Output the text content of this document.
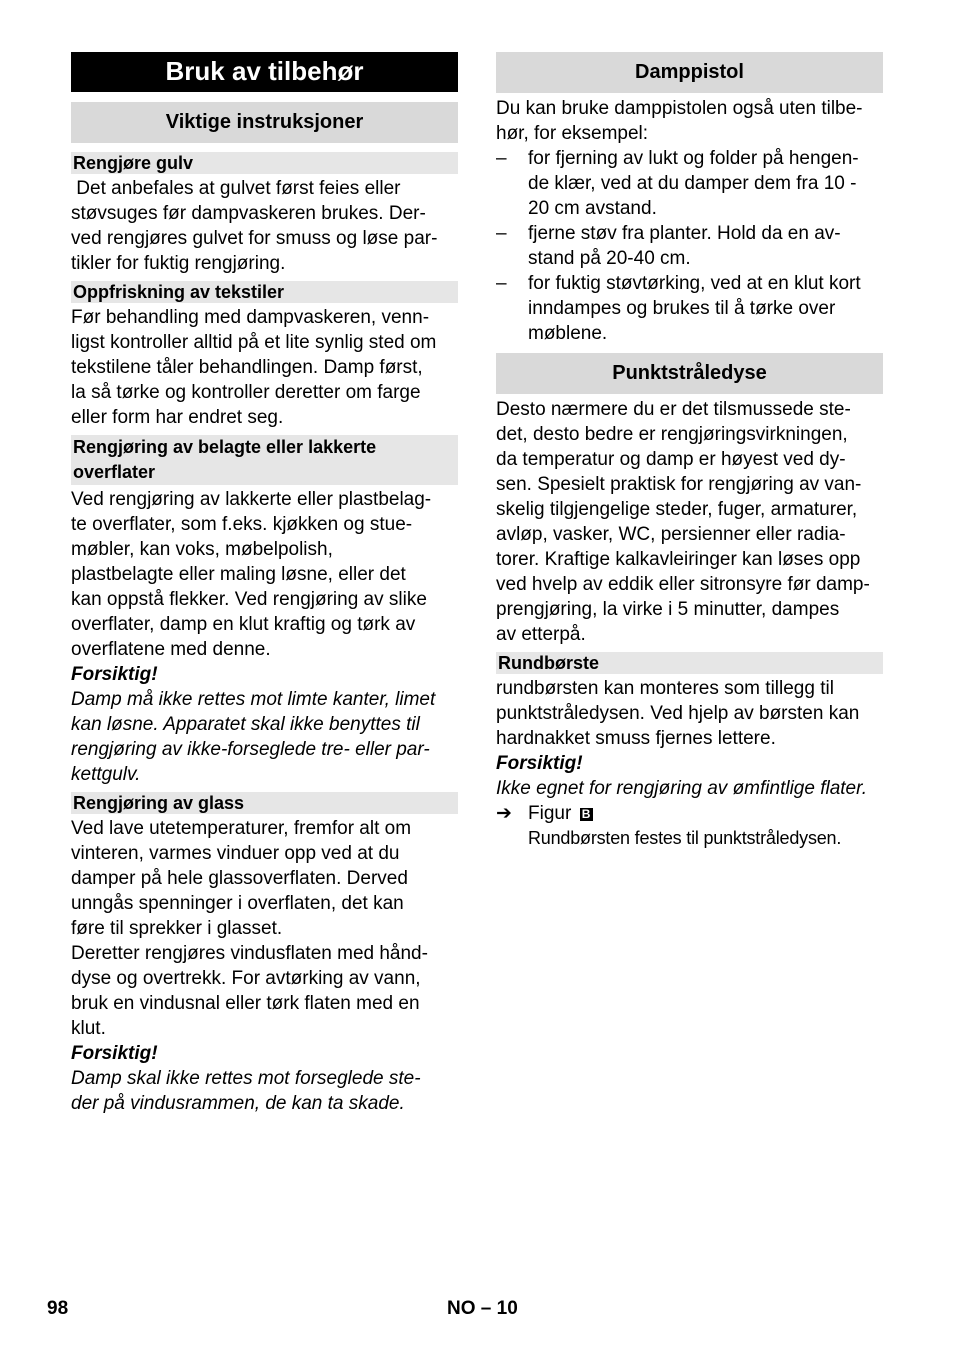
Bruk av tilbehør
Viktige instruksjoner
Rengjøre gulv
Det anbefales at gulvet først feies eller
støvsuges før dampvaskeren brukes. Der-
ved rengjøres gulvet for smuss og løse par-
tikler for fuktig rengjøring.
Oppfriskning av tekstiler
Før behandling med dampvaskeren, venn-
ligst kontroller alltid på et lite synlig sted om
tekstilene tåler behandlingen. Damp først,
la så tørke og kontroller deretter om farge
eller form har endret seg.
Rengjøring av belagte eller lakkerte
overflater
Ved rengjøring av lakkerte eller plastbelag-
te overflater, som f.eks. kjøkken og stue-
møbler, kan voks, møbelpolish,
plastbelagte eller maling løsne, eller det
kan oppstå flekker. Ved rengjøring av slike
overflater, damp en klut kraftig og tørk av
overflatene med denne.
Forsiktig!
Damp må ikke rettes mot limte kanter, limet
kan løsne. Apparatet skal ikke benyttes til
rengjøring av ikke-forseglede tre- eller par-
kettgulv.
Rengjøring av glass
Ved lave utetemperaturer, fremfor alt om
vinteren, varmes vinduer opp ved at du
damper på hele glassoverflaten. Derved
unngås spenninger i overflaten, det kan
føre til sprekker i glasset.
Deretter rengjøres vindusflaten med hånd-
dyse og overtrekk. For avtørking av vann,
bruk en vindusnal eller tørk flaten med en
klut.
Forsiktig!
Damp skal ikke rettes mot forseglede ste-
der på vindusrammen, de kan ta skade.
Damppistol
Du kan bruke damppistolen også uten tilbe-
hør, for eksempel:
–	for fjerning av lukt og folder på hengen-
de klær, ved at du damper dem fra 10 -
20 cm avstand.
–	fjerne støv fra planter. Hold da en av-
stand på 20-40 cm.
–	for fuktig støvtørking, ved at en klut kort
inndampes og brukes til å tørke over
møblene.
Punktstråledyse
Desto nærmere du er det tilsmussede ste-
det, desto bedre er rengjøringsvirkningen,
da temperatur og damp er høyest ved dy-
sen. Spesielt praktisk for rengjøring av van-
skelig tilgjengelige steder, fuger, armaturer,
avløp, vasker, WC, persienner eller radia-
torer. Kraftige kalkavleiringer kan løses opp
ved hvelp av eddik eller sitronsyre før damp-
prengjøring, la virke i 5 minutter, dampes
av etterpå.
Rundbørste
rundbørsten kan monteres som tillegg til
punktstråledysen. Ved hjelp av børsten kan
hardnakket smuss fjernes lettere.
Forsiktig!
Ikke egnet for rengjøring av ømfintlige flater.
➔ Figur B
Rundbørsten festes til punktstråledysen.
98	NO – 10
